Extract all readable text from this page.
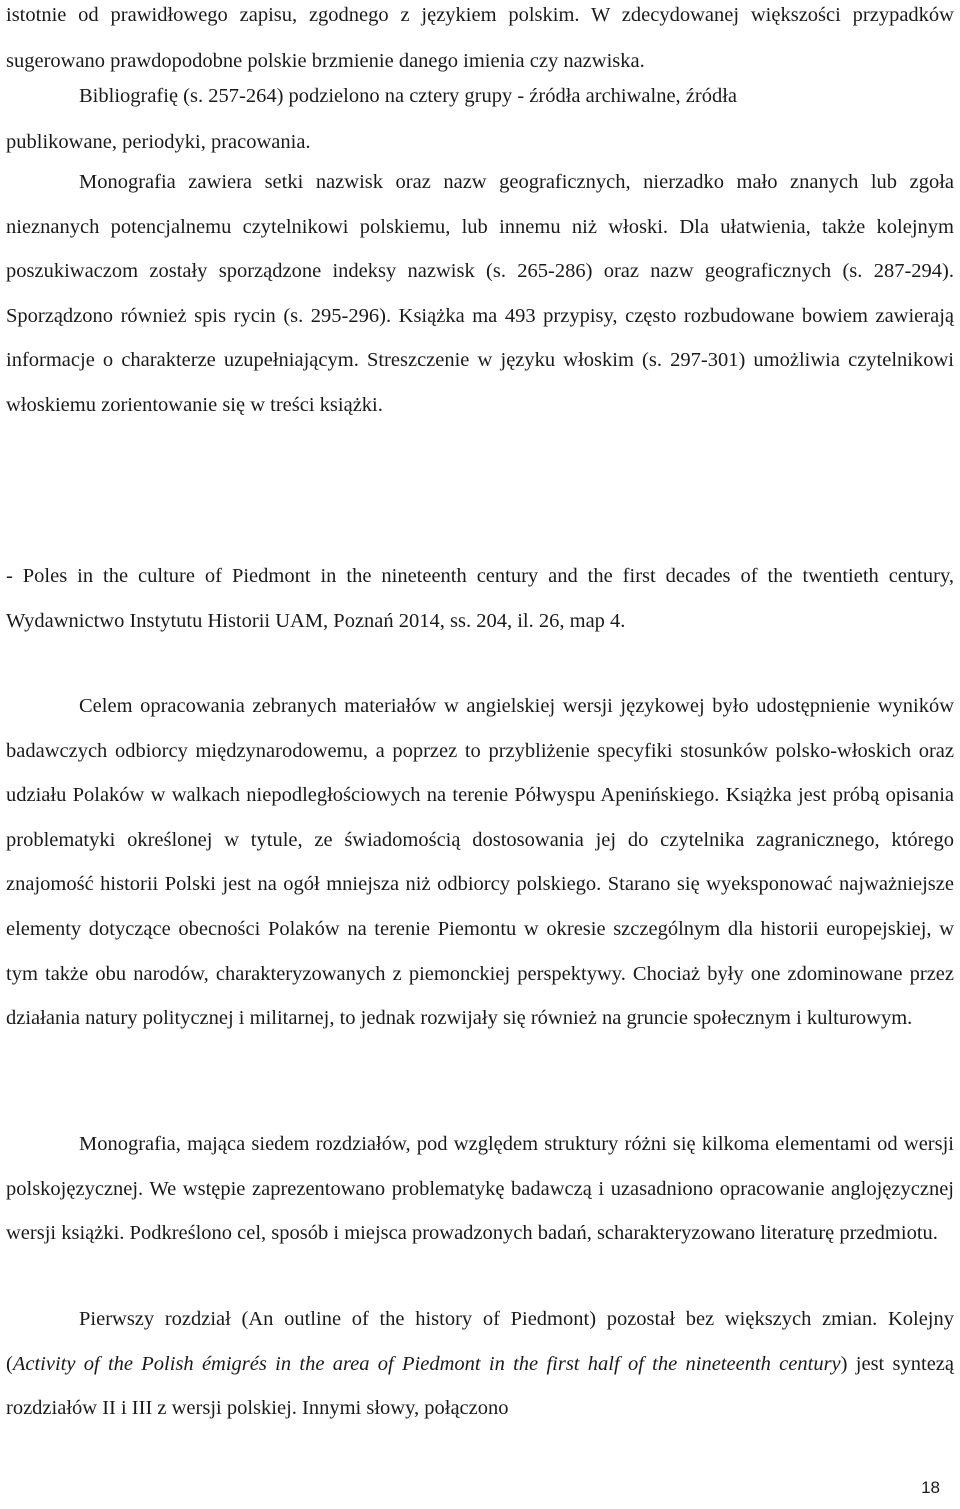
istotnie od prawidłowego zapisu, zgodnego z językiem polskim. W zdecydowanej większości przypadków sugerowano prawdopodobne polskie brzmienie danego imienia czy nazwiska.

Bibliografię (s. 257-264) podzielono na cztery grupy - źródła archiwalne, źródła
publikowane, periodyki, pracowania.

Monografia zawiera setki nazwisk oraz nazw geograficznych, nierzadko mało znanych lub zgoła nieznanych potencjalnemu czytelnikowi polskiemu, lub innemu niż włoski. Dla ułatwienia, także kolejnym poszukiwaczom zostały sporządzone indeksy nazwisk (s. 265-286) oraz nazw geograficznych (s. 287-294). Sporządzono również spis rycin (s. 295-296). Książka ma 493 przypisy, często rozbudowane bowiem zawierają informacje o charakterze uzupełniającym. Streszczenie w języku włoskim (s. 297-301) umożliwia czytelnikowi włoskiemu zorientowanie się w treści książki.

- Poles in the culture of Piedmont in the nineteenth century and the first decades of the twentieth century, Wydawnictwo Instytutu Historii UAM, Poznań 2014, ss. 204, il. 26, map 4.

Celem opracowania zebranych materiałów w angielskiej wersji językowej było udostępnienie wyników badawczych odbiorcy międzynarodowemu, a poprzez to przybliżenie specyfiki stosunków polsko-włoskich oraz udziału Polaków w walkach niepodległościowych na terenie Półwyspu Apenińskiego. Książka jest próbą opisania problematyki określonej w tytule, ze świadomością dostosowania jej do czytelnika zagranicznego, którego znajomość historii Polski jest na ogół mniejsza niż odbiorcy polskiego. Starano się wyeksponować najważniejsze elementy dotyczące obecności Polaków na terenie Piemontu w okresie szczególnym dla historii europejskiej, w tym także obu narodów, charakteryzowanych z piemonckiej perspektywy. Chociaż były one zdominowane przez działania natury politycznej i militarnej, to jednak rozwijały się również na gruncie społecznym i kulturowym.

Monografia, mająca siedem rozdziałów, pod względem struktury różni się kilkoma elementami od wersji polskojęzycznej. We wstępie zaprezentowano problematykę badawczą i uzasadniono opracowanie anglojęzycznej wersji książki. Podkreślono cel, sposób i miejsca prowadzonych badań, scharakteryzowano literaturę przedmiotu.

Pierwszy rozdział (An outline of the history of Piedmont) pozostał bez większych zmian. Kolejny (Activity of the Polish émigrés in the area of Piedmont in the first half of the nineteenth century) jest syntezą rozdziałów II i III z wersji polskiej. Innymi słowy, połączono

18
